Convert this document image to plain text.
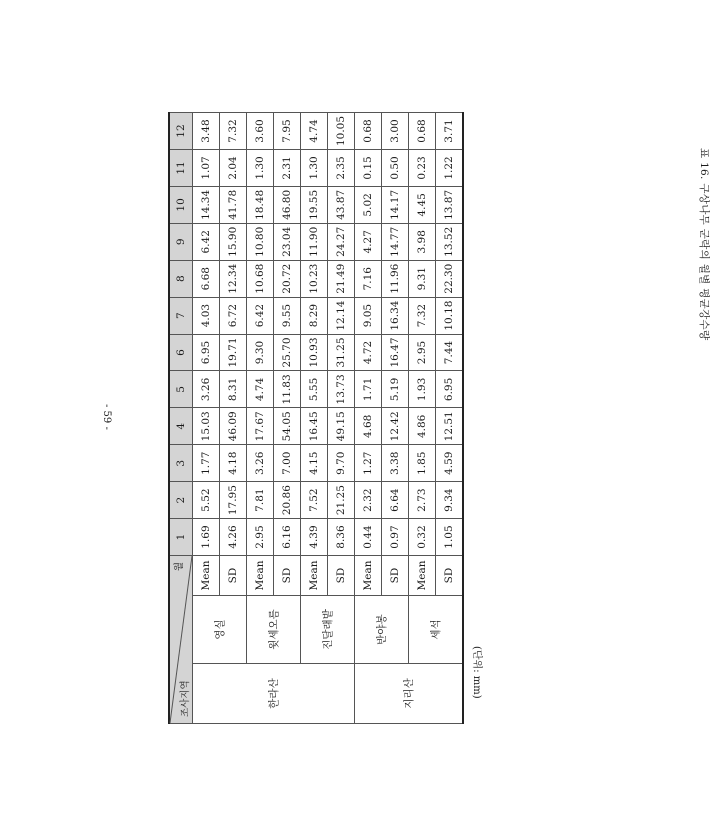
표 16. 구상나무 군락의 월별 평균강수량
(단위: mm)
- 59 -
월
조사지역			1	2	3	4	5	6	7	8	9	10	11	12
한라산	영실	Mean	1.69	5.52	1.77	15.03	3.26	6.95	4.03	6.68	6.42	14.34	1.07	3.48
		SD	4.26	17.95	4.18	46.09	8.31	19.71	6.72	12.34	15.90	41.78	2.04	7.32
	윗세오름	Mean	2.95	7.81	3.26	17.67	4.74	9.30	6.42	10.68	10.80	18.48	1.30	3.60
		SD	6.16	20.86	7.00	54.05	11.83	25.70	9.55	20.72	23.04	46.80	2.31	7.95
	진달래밭	Mean	4.39	7.52	4.15	16.45	5.55	10.93	8.29	10.23	11.90	19.55	1.30	4.74
		SD	8.36	21.25	9.70	49.15	13.73	31.25	12.14	21.49	24.27	43.87	2.35	10.05
지리산	반야봉	Mean	0.44	2.32	1.27	4.68	1.71	4.72	9.05	7.16	4.27	5.02	0.15	0.68
		SD	0.97	6.64	3.38	12.42	5.19	16.47	16.34	11.96	14.77	14.17	0.50	3.00
	세석	Mean	0.32	2.73	1.85	4.86	1.93	2.95	7.32	9.31	3.98	4.45	0.23	0.68
		SD	1.05	9.34	4.59	12.51	6.95	7.44	10.18	22.30	13.52	13.87	1.22	3.71
